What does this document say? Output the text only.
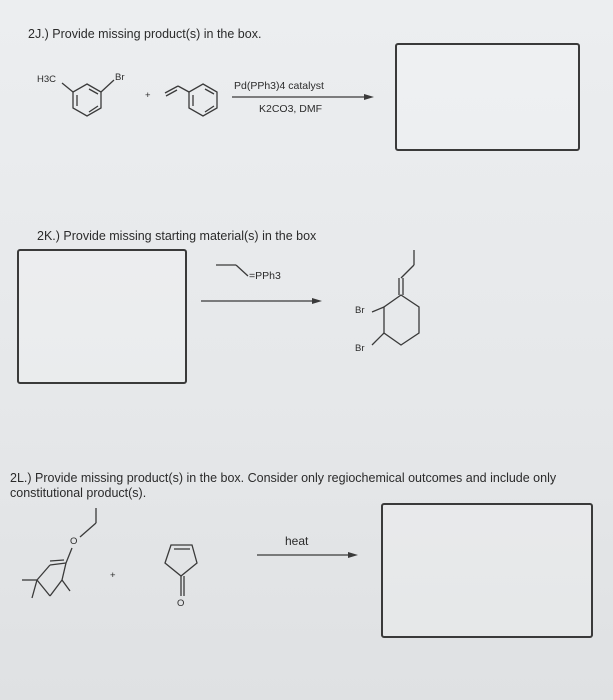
2J.) Provide missing product(s) in the box.
H3C	Br
+
Pd(PPh3)4 catalyst
K2CO3, DMF
2K.) Provide missing starting material(s) in the box
=PPh3
Br
Br
2L.) Provide missing product(s) in the box. Consider only regiochemical outcomes and include only constitutional product(s).
O
+
O
heat
